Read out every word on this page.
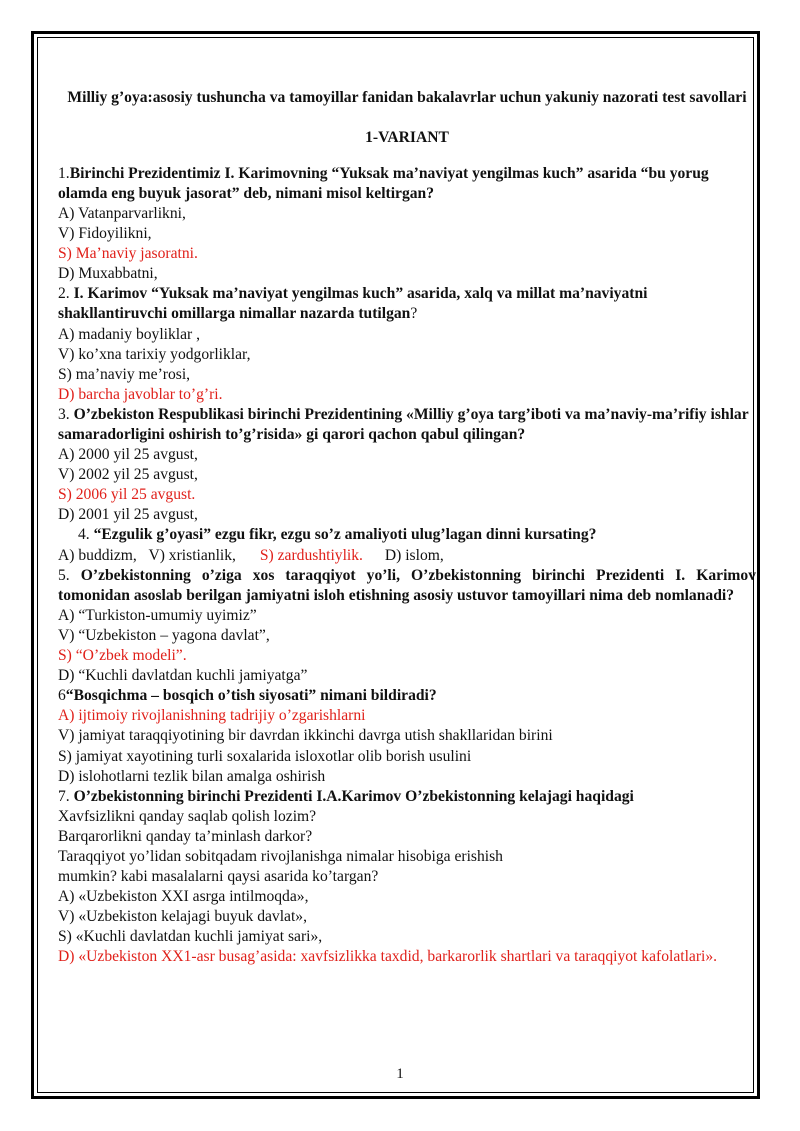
Milliy g’oya:asosiy tushuncha va tamoyillar fanidan bakalavrlar uchun yakuniy nazorati test savollari

1-VARIANT

1.Birinchi Prezidentimiz I. Karimovning “Yuksak ma’naviyat yengilmas kuch” asarida “bu yorug olamda eng buyuk jasorat” deb, nimani misol keltirgan?

A) Vatanparvarlikni,

V) Fidoyilikni,

S) Ma’naviy jasoratni.

D) Muxabbatni,

2. I. Karimov “Yuksak ma’naviyat yengilmas kuch” asarida, xalq va millat ma’naviyatni shakllantiruvchi omillarga nimallar nazarda tutilgan?

A) madaniy boyliklar ,

V) ko’xna tarixiy yodgorliklar,

S) ma’naviy me’rosi,

D) barcha javoblar to’g’ri.

3. O’zbekiston Respublikasi birinchi Prezidentining «Milliy g’oya targ’iboti va ma’naviy-ma’rifiy ishlar samaradorligini oshirish to’g’risida» gi qarori qachon qabul qilingan?

A) 2000 yil 25 avgust,

V) 2002 yil 25 avgust,

S) 2006 yil 25 avgust.

D) 2001 yil 25 avgust,

4. “Ezgulik g’oyasi” ezgu fikr, ezgu so’z amaliyoti ulug’lagan dinni kursating?

A) buddizm, V) xristianlik, S) zardushtiylik. D) islom,

5. O’zbekistonning o’ziga xos taraqqiyot yo’li, O’zbekistonning birinchi Prezidenti I. Karimov tomonidan asoslab berilgan jamiyatni isloh etishning asosiy ustuvor tamoyillari nima deb nomlanadi?

A) “Turkiston-umumiy uyimiz”

V) “Uzbekiston – yagona davlat”,

S) “O’zbek modeli”.

D) “Kuchli davlatdan kuchli jamiyatga”

6“Bosqichma – bosqich o’tish siyosati” nimani bildiradi?

A) ijtimoiy rivojlanishning tadrijiy o’zgarishlarni

V) jamiyat taraqqiyotining bir davrdan ikkinchi davrga utish shakllaridan birini

S) jamiyat xayotining turli soxalarida isloxotlar olib borish usulini

D) islohotlarni tezlik bilan amalga oshirish

7. O’zbekistonning birinchi Prezidenti I.A.Karimov O’zbekistonning kelajagi haqidagi

Xavfsizlikni qanday saqlab qolish lozim?

Barqarorlikni qanday ta’minlash darkor?

Taraqqiyot yo’lidan sobitqadam rivojlanishga nimalar hisobiga erishish

mumkin? kabi masalalarni qaysi asarida ko’targan?

A) «Uzbekiston XXI asrga intilmoqda»,

V) «Uzbekiston kelajagi buyuk davlat»,

S) «Kuchli davlatdan kuchli jamiyat sari»,

D) «Uzbekiston XX1-asr busag’asida: xavfsizlikka taxdid, barkarorlik shartlari va taraqqiyot kafolatlari».

1
